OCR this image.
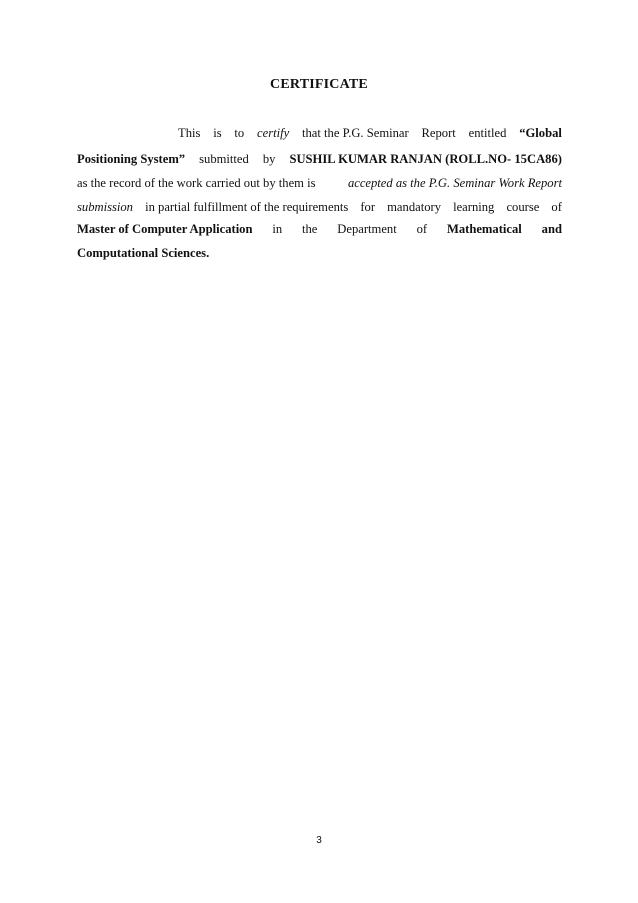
CERTIFICATE
This is to certify that the P.G. Seminar Report entitled “Global
Positioning System” submitted by SUSHIL KUMAR RANJAN (ROLL.NO- 15CA86)
as the record of the work carried out by them is	accepted as the P.G. Seminar Work Report
submission in partial fulfillment of the requirements for mandatory learning course of
Master of Computer Application in the Department of Mathematical and
Computational Sciences.
3
